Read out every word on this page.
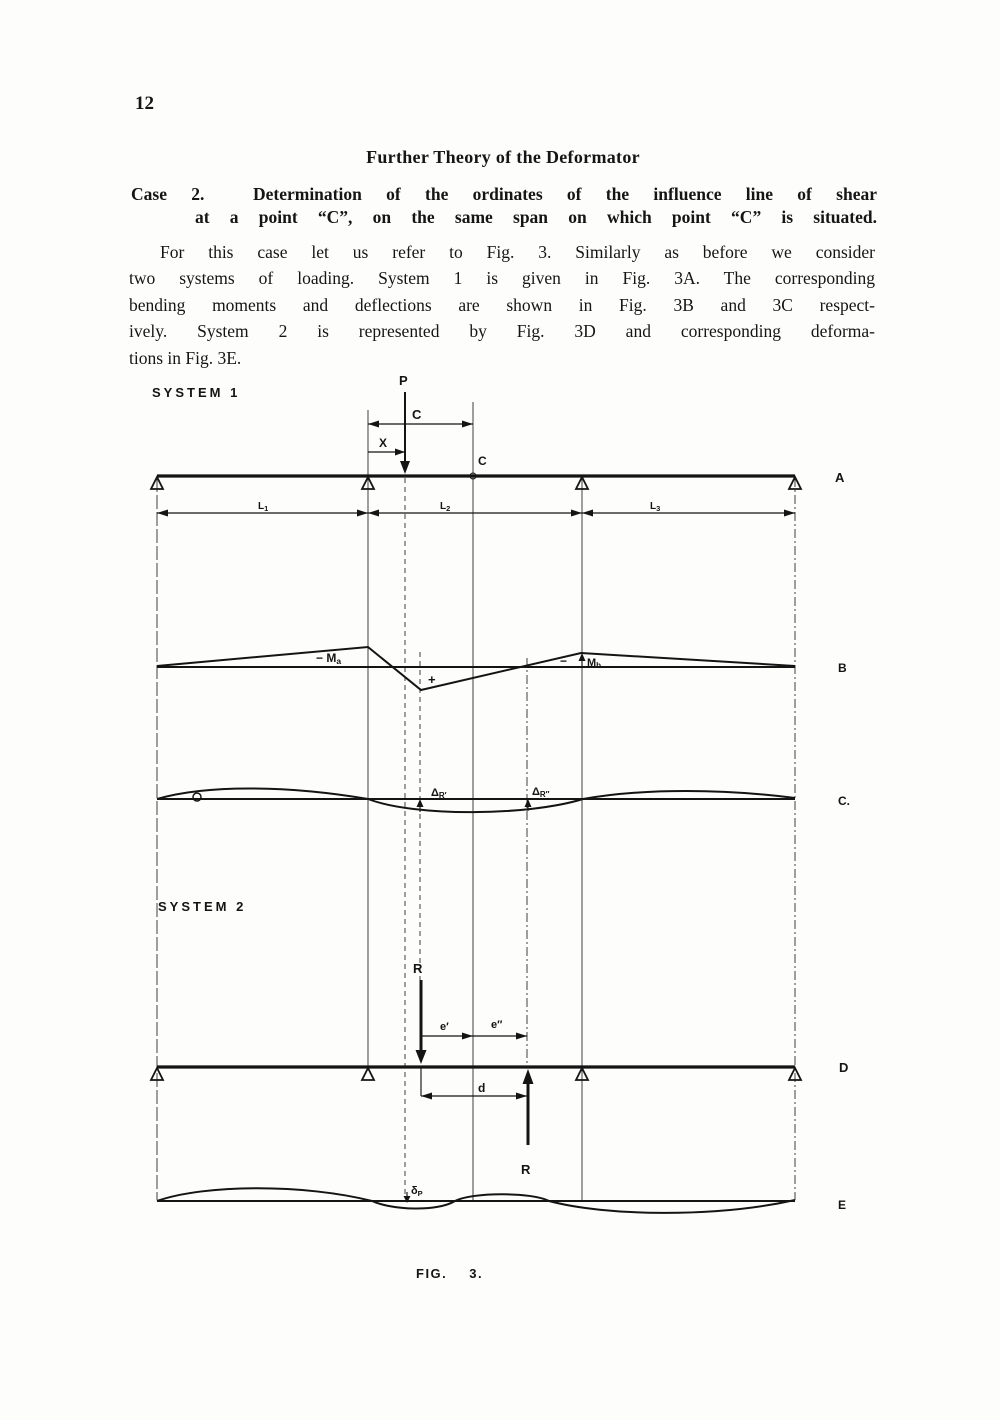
12
Further Theory of the Deformator
Case 2.  Determination of the ordinates of the influence line of shear
at a point “C”, on the same span on which point “C” is situated.
For this case let us refer to Fig. 3. Similarly as before we consider
two systems of loading. System 1 is given in Fig. 3A. The corresponding
bending moments and deflections are shown in Fig. 3B and 3C respect-
ively. System 2 is represented by Fig. 3D and corresponding deforma-
tions in Fig. 3E.
SYSTEM 1
SYSTEM 2
P
C
X
C
A
$L_1$	$L_2$	$L_3$
− Ma
+
− Mb	B
ΔR′	ΔR″	C.
R
e′	e″
D
d
R
δP
E
FIG. 3.
